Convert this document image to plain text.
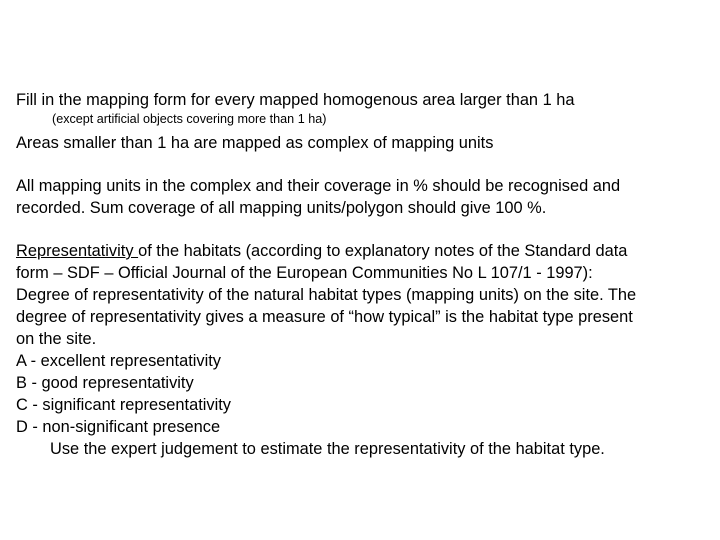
Fill in the mapping form for every mapped homogenous area larger than 1 ha
(except artificial objects covering more than 1 ha)
Areas smaller than 1 ha are mapped as complex of mapping units
All mapping units in the complex and their coverage in % should be recognised and
recorded. Sum coverage of all mapping units/polygon should give 100 %.
Representativity of the habitats (according to explanatory notes of the Standard data
form – SDF – Official Journal of the European Communities No L 107/1 - 1997):
Degree of representativity of the natural habitat types (mapping units) on the site. The
degree of representativity gives a measure of “how typical” is the habitat type present
on the site.
A - excellent representativity
B - good representativity
C - significant representativity
D - non-significant presence
Use the expert judgement to estimate the representativity of the habitat type.
